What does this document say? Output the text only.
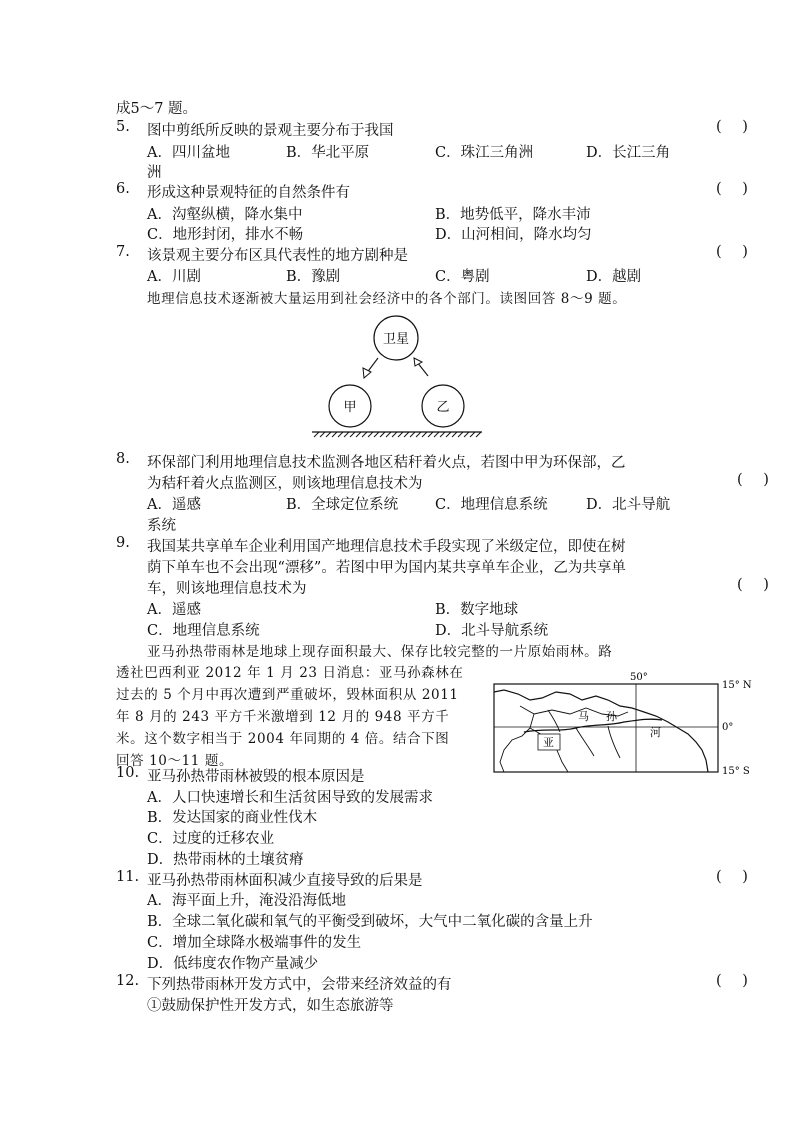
成5～7 题。
5. 图中剪纸所反映的景观主要分布于我国	( )
A．四川盆地	B．华北平原	C．珠江三角洲	D．长江三角
洲
6. 形成这种景观特征的自然条件有	( )
A．沟壑纵横，降水集中	B．地势低平，降水丰沛
C．地形封闭，排水不畅	D．山河相间，降水均匀
7. 该景观主要分布区具代表性的地方剧种是	( )
A．川剧	B．豫剧	C．粤剧	D．越剧
地理信息技术逐渐被大量运用到社会经济中的各个部门。读图回答 8～9 题。
卫星
甲	乙
8. 环保部门利用地理信息技术监测各地区秸秆着火点，若图中甲为环保部，乙
为秸秆着火点监测区，则该地理信息技术为	( )
A．遥感	B．全球定位系统	C．地理信息系统	D．北斗导航
系统
9. 我国某共享单车企业利用国产地理信息技术手段实现了米级定位，即使在树
荫下单车也不会出现“漂移”。若图中甲为国内某共享单车企业，乙为共享单
车，则该地理信息技术为	( )
A．遥感	B．数字地球
C．地理信息系统	D．北斗导航系统
亚马孙热带雨林是地球上现存面积最大、保存比较完整的一片原始雨林。路
透社巴西利亚 2012 年 1 月 23 日消息：亚马孙森林在
过去的 5 个月中再次遭到严重破坏，毁林面积从 2011
年 8 月的 243 平方千米激增到 12 月的 948 平方千
米。这个数字相当于 2004 年同期的 4 倍。结合下图
回答 10～11 题。
50°
15° N
0°
15° S
亚
马 孙
河
10. 亚马孙热带雨林被毁的根本原因是
A．人口快速增长和生活贫困导致的发展需求
B．发达国家的商业性伐木
C．过度的迁移农业
D．热带雨林的土壤贫瘠
11. 亚马孙热带雨林面积减少直接导致的后果是	( )
A．海平面上升，淹没沿海低地
B．全球二氧化碳和氧气的平衡受到破坏，大气中二氧化碳的含量上升
C．增加全球降水极端事件的发生
D．低纬度农作物产量减少
12. 下列热带雨林开发方式中，会带来经济效益的有	( )
①鼓励保护性开发方式，如生态旅游等
